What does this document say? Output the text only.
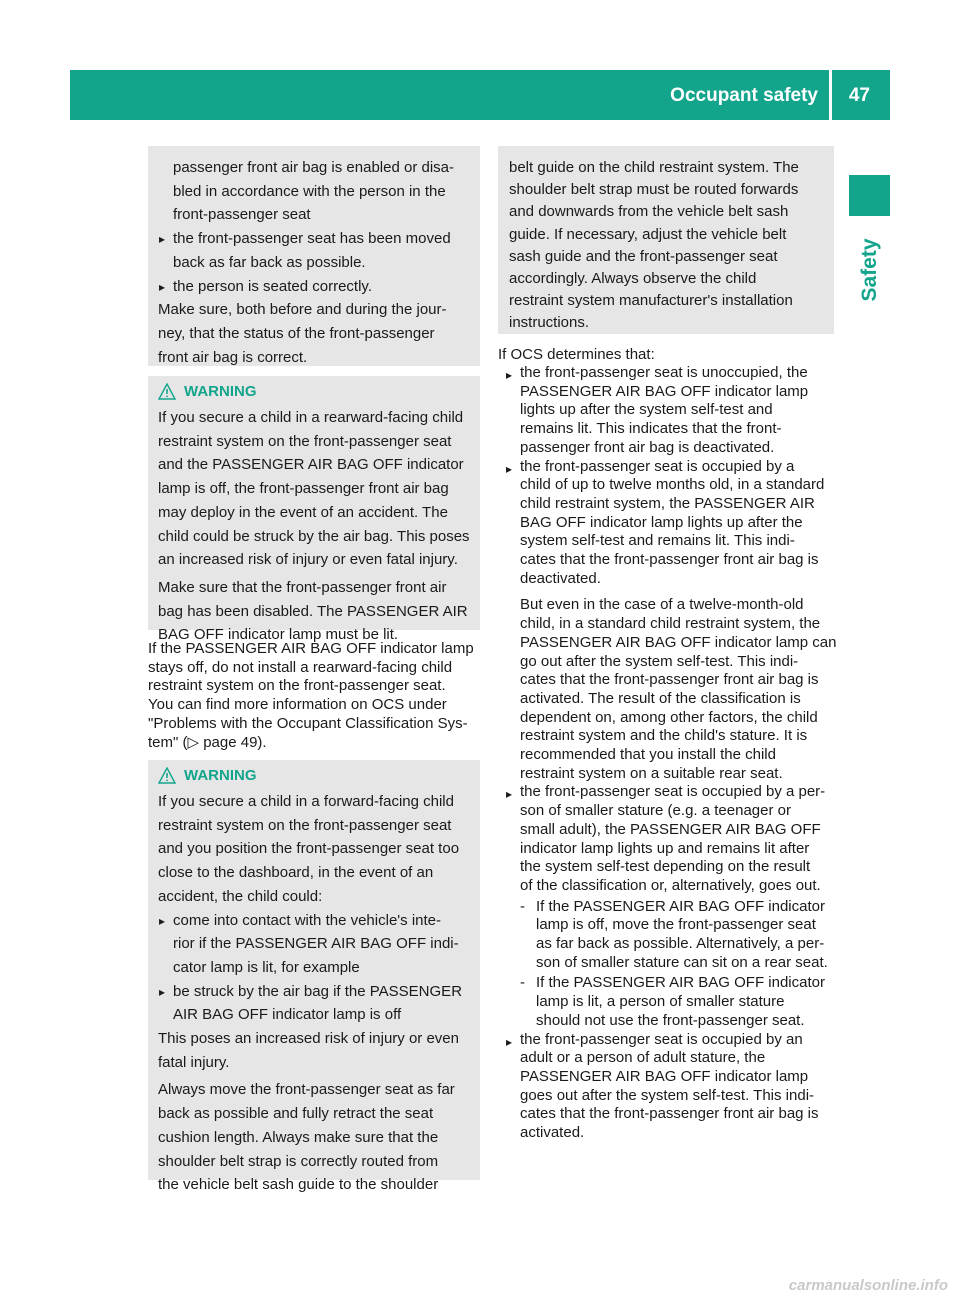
Occupant safety 47
Safety
passenger front air bag is enabled or disa-
bled in accordance with the person in the
front-passenger seat
the front-passenger seat has been moved
back as far back as possible.
the person is seated correctly.
Make sure, both before and during the jour-
ney, that the status of the front-passenger
front air bag is correct.
WARNING
If you secure a child in a rearward-facing child
restraint system on the front-passenger seat
and the PASSENGER AIR BAG OFF indicator
lamp is off, the front-passenger front air bag
may deploy in the event of an accident. The
child could be struck by the air bag. This poses
an increased risk of injury or even fatal injury.
Make sure that the front-passenger front air
bag has been disabled. The PASSENGER AIR
BAG OFF indicator lamp must be lit.
If the PASSENGER AIR BAG OFF indicator lamp
stays off, do not install a rearward-facing child
restraint system on the front-passenger seat.
You can find more information on OCS under
"Problems with the Occupant Classification Sys-
tem" (▷ page 49).
WARNING
If you secure a child in a forward-facing child
restraint system on the front-passenger seat
and you position the front-passenger seat too
close to the dashboard, in the event of an
accident, the child could:
come into contact with the vehicle's inte-
rior if the PASSENGER AIR BAG OFF indi-
cator lamp is lit, for example
be struck by the air bag if the PASSENGER
AIR BAG OFF indicator lamp is off
This poses an increased risk of injury or even
fatal injury.
Always move the front-passenger seat as far
back as possible and fully retract the seat
cushion length. Always make sure that the
shoulder belt strap is correctly routed from
the vehicle belt sash guide to the shoulder
belt guide on the child restraint system. The
shoulder belt strap must be routed forwards
and downwards from the vehicle belt sash
guide. If necessary, adjust the vehicle belt
sash guide and the front-passenger seat
accordingly. Always observe the child
restraint system manufacturer's installation
instructions.
If OCS determines that:
the front-passenger seat is unoccupied, the
PASSENGER AIR BAG OFF indicator lamp
lights up after the system self-test and
remains lit. This indicates that the front-
passenger front air bag is deactivated.
the front-passenger seat is occupied by a
child of up to twelve months old, in a standard
child restraint system, the PASSENGER AIR
BAG OFF indicator lamp lights up after the
system self-test and remains lit. This indi-
cates that the front-passenger front air bag is
deactivated.
But even in the case of a twelve-month-old
child, in a standard child restraint system, the
PASSENGER AIR BAG OFF indicator lamp can
go out after the system self-test. This indi-
cates that the front-passenger front air bag is
activated. The result of the classification is
dependent on, among other factors, the child
restraint system and the child's stature. It is
recommended that you install the child
restraint system on a suitable rear seat.
the front-passenger seat is occupied by a per-
son of smaller stature (e.g. a teenager or
small adult), the PASSENGER AIR BAG OFF
indicator lamp lights up and remains lit after
the system self-test depending on the result
of the classification or, alternatively, goes out.
If the PASSENGER AIR BAG OFF indicator
lamp is off, move the front-passenger seat
as far back as possible. Alternatively, a per-
son of smaller stature can sit on a rear seat.
If the PASSENGER AIR BAG OFF indicator
lamp is lit, a person of smaller stature
should not use the front-passenger seat.
the front-passenger seat is occupied by an
adult or a person of adult stature, the
PASSENGER AIR BAG OFF indicator lamp
goes out after the system self-test. This indi-
cates that the front-passenger front air bag is
activated.
carmanualsonline.info
